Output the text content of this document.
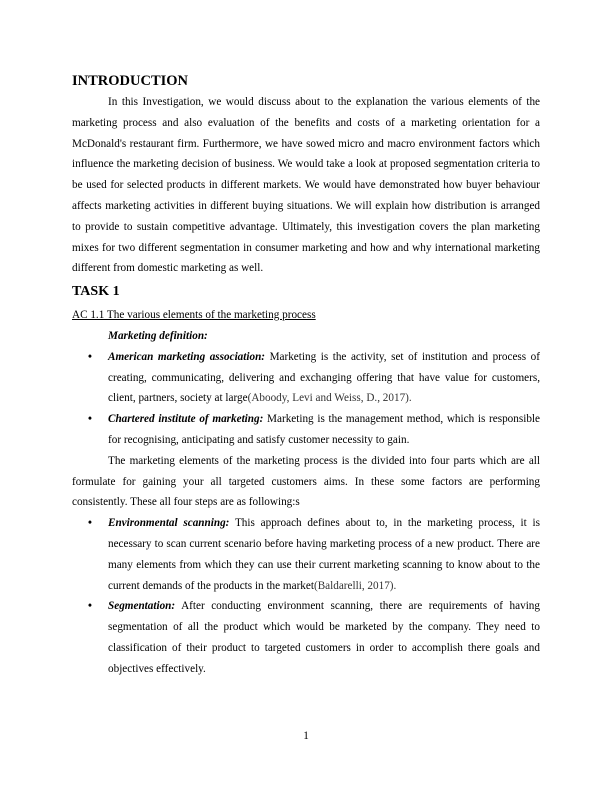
INTRODUCTION

In this Investigation, we would discuss about to the explanation the various elements of the marketing process and also evaluation of the benefits and costs of a marketing orientation for a McDonald's restaurant firm. Furthermore, we have sowed micro and macro environment factors which influence the marketing decision of business. We would take a look at proposed segmentation criteria to be used for selected products in different markets. We would have demonstrated how buyer behaviour affects marketing activities in different buying situations. We will explain how distribution is arranged to provide to sustain competitive advantage. Ultimately, this investigation covers the plan marketing mixes for two different segmentation in consumer marketing and how and why international marketing different from domestic marketing as well.

TASK 1

AC 1.1 The various elements of the marketing process

Marketing definition:

• American marketing association: Marketing is the activity, set of institution and process of creating, communicating, delivering and exchanging offering that have value for customers, client, partners, society at large(Aboody, Levi and Weiss, D., 2017).
• Chartered institute of marketing: Marketing is the management method, which is responsible for recognising, anticipating and satisfy customer necessity to gain.

The marketing elements of the marketing process is the divided into four parts which are all formulate for gaining your all targeted customers aims. In these some factors are performing consistently. These all four steps are as following:s

• Environmental scanning: This approach defines about to, in the marketing process, it is necessary to scan current scenario before having marketing process of a new product. There are many elements from which they can use their current marketing scanning to know about to the current demands of the products in the market(Baldarelli, 2017).
• Segmentation: After conducting environment scanning, there are requirements of having segmentation of all the product which would be marketed by the company. They need to classification of their product to targeted customers in order to accomplish there goals and objectives effectively.
1
